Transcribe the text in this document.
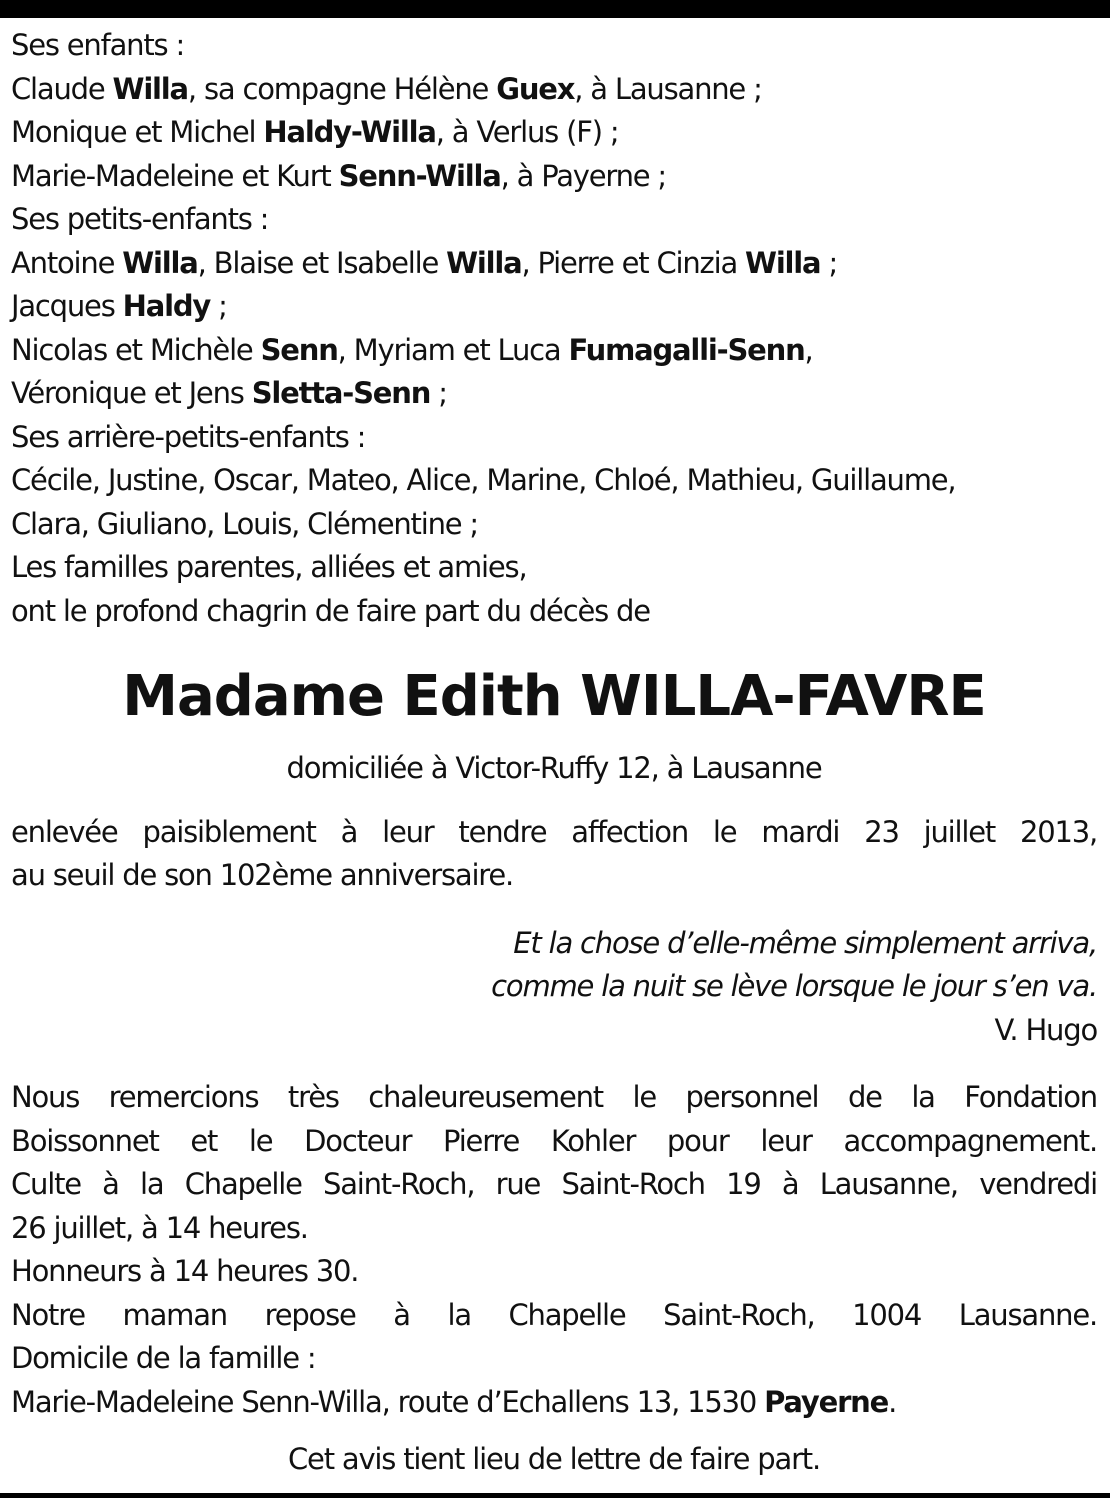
Ses enfants :
Claude Willa, sa compagne Hélène Guex, à Lausanne ;
Monique et Michel Haldy-Willa, à Verlus (F) ;
Marie-Madeleine et Kurt Senn-Willa, à Payerne ;
Ses petits-enfants :
Antoine Willa, Blaise et Isabelle Willa, Pierre et Cinzia Willa ;
Jacques Haldy ;
Nicolas et Michèle Senn, Myriam et Luca Fumagalli-Senn,
Véronique et Jens Sletta-Senn ;
Ses arrière-petits-enfants :
Cécile, Justine, Oscar, Mateo, Alice, Marine, Chloé, Mathieu, Guillaume,
Clara, Giuliano, Louis, Clémentine ;
Les familles parentes, alliées et amies,
ont le profond chagrin de faire part du décès de
Madame Edith WILLA-FAVRE
domiciliée à Victor-Ruffy 12, à Lausanne
enlevée paisiblement à leur tendre affection le mardi 23 juillet 2013,
au seuil de son 102ème anniversaire.
Et la chose d’elle-même simplement arriva,
comme la nuit se lève lorsque le jour s’en va.
V. Hugo
Nous remercions très chaleureusement le personnel de la Fondation
Boissonnet et le Docteur Pierre Kohler pour leur accompagnement.
Culte à la Chapelle Saint-Roch, rue Saint-Roch 19 à Lausanne, vendredi
26 juillet, à 14 heures.
Honneurs à 14 heures 30.
Notre maman repose à la Chapelle Saint-Roch, 1004 Lausanne.
Domicile de la famille :
Marie-Madeleine Senn-Willa, route d’Echallens 13, 1530 Payerne.
Cet avis tient lieu de lettre de faire part.
